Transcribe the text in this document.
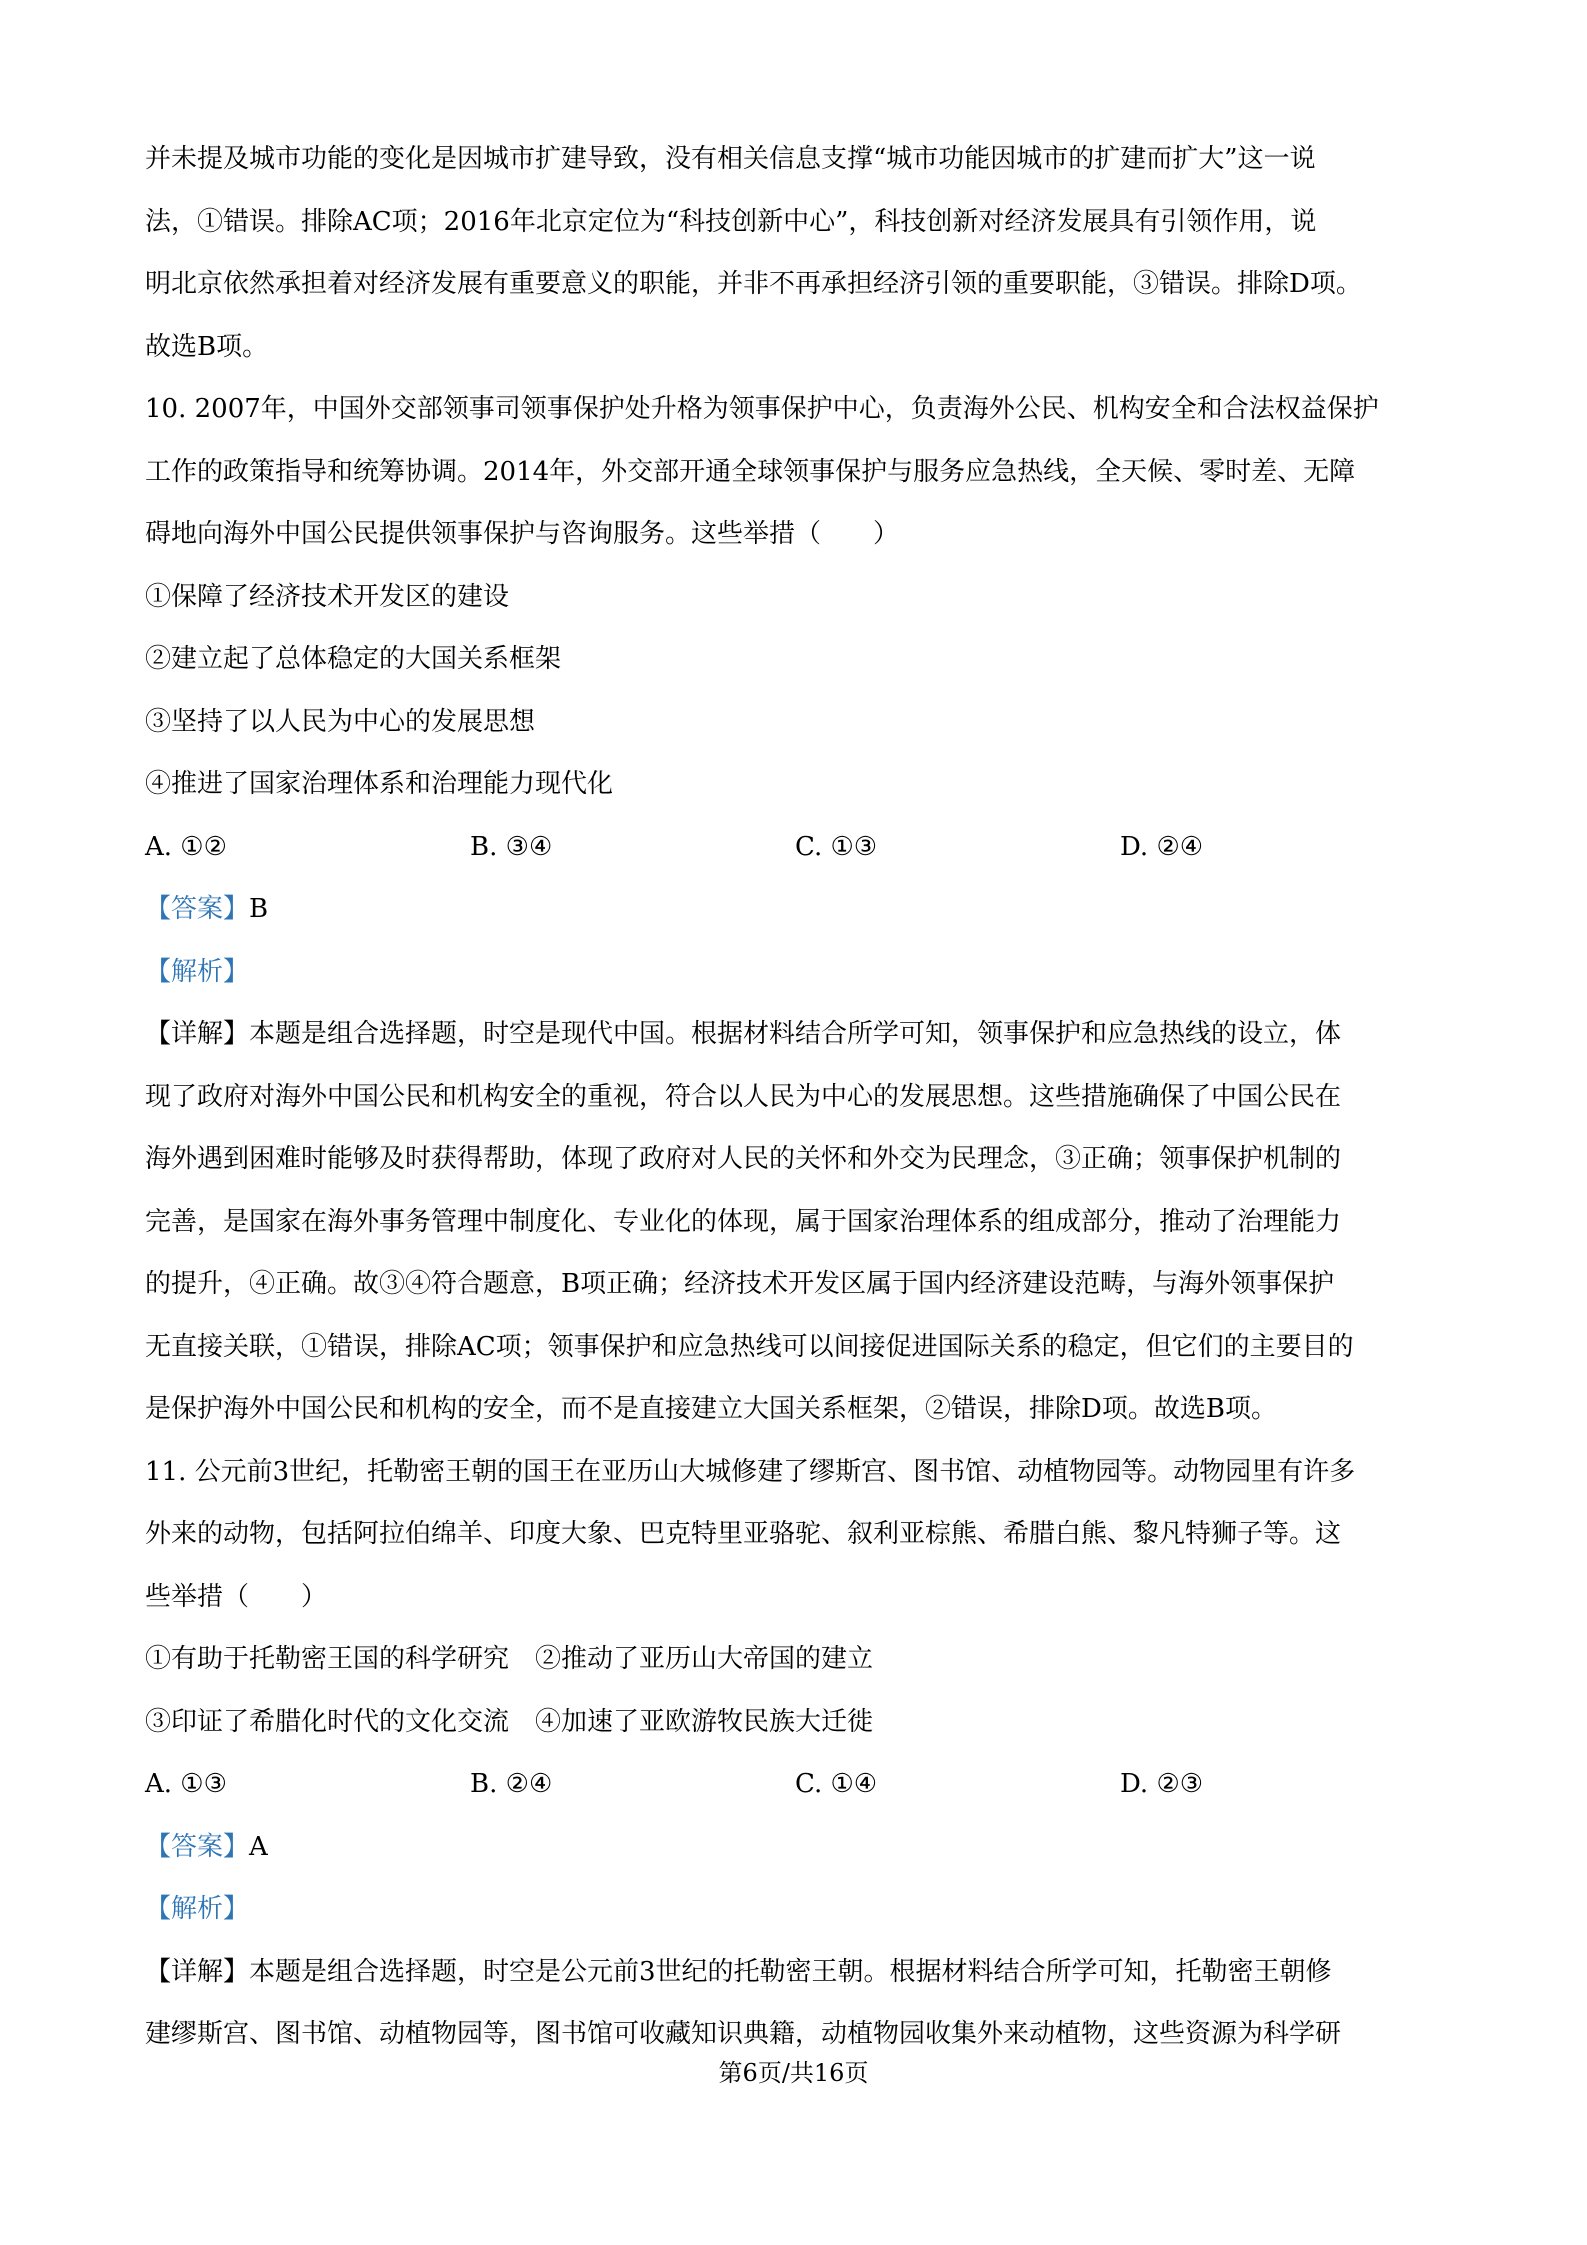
并未提及城市功能的变化是因城市扩建导致，没有相关信息支撑“城市功能因城市的扩建而扩大”这一说
法，①错误。排除AC项；2016年北京定位为“科技创新中心”，科技创新对经济发展具有引领作用，说
明北京依然承担着对经济发展有重要意义的职能，并非不再承担经济引领的重要职能，③错误。排除D项。
故选B项。
10. 2007年，中国外交部领事司领事保护处升格为领事保护中心，负责海外公民、机构安全和合法权益保护
工作的政策指导和统筹协调。2014年，外交部开通全球领事保护与服务应急热线，全天候、零时差、无障
碍地向海外中国公民提供领事保护与咨询服务。这些举措（　　）
①保障了经济技术开发区的建设
②建立起了总体稳定的大国关系框架
③坚持了以人民为中心的发展思想
④推进了国家治理体系和治理能力现代化
A. ①②	B. ③④	C. ①③	D. ②④
【答案】B
【解析】
【详解】本题是组合选择题，时空是现代中国。根据材料结合所学可知，领事保护和应急热线的设立，体
现了政府对海外中国公民和机构安全的重视，符合以人民为中心的发展思想。这些措施确保了中国公民在
海外遇到困难时能够及时获得帮助，体现了政府对人民的关怀和外交为民理念，③正确；领事保护机制的
完善，是国家在海外事务管理中制度化、专业化的体现，属于国家治理体系的组成部分，推动了治理能力
的提升，④正确。故③④符合题意，B项正确；经济技术开发区属于国内经济建设范畴，与海外领事保护
无直接关联，①错误，排除AC项；领事保护和应急热线可以间接促进国际关系的稳定，但它们的主要目的
是保护海外中国公民和机构的安全，而不是直接建立大国关系框架，②错误，排除D项。故选B项。
11. 公元前3世纪，托勒密王朝的国王在亚历山大城修建了缪斯宫、图书馆、动植物园等。动物园里有许多
外来的动物，包括阿拉伯绵羊、印度大象、巴克特里亚骆驼、叙利亚棕熊、希腊白熊、黎凡特狮子等。这
些举措（　　）
①有助于托勒密王国的科学研究　②推动了亚历山大帝国的建立
③印证了希腊化时代的文化交流　④加速了亚欧游牧民族大迁徙
A. ①③	B. ②④	C. ①④	D. ②③
【答案】A
【解析】
【详解】本题是组合选择题，时空是公元前3世纪的托勒密王朝。根据材料结合所学可知，托勒密王朝修
建缪斯宫、图书馆、动植物园等，图书馆可收藏知识典籍，动植物园收集外来动植物，这些资源为科学研
第6页/共16页
